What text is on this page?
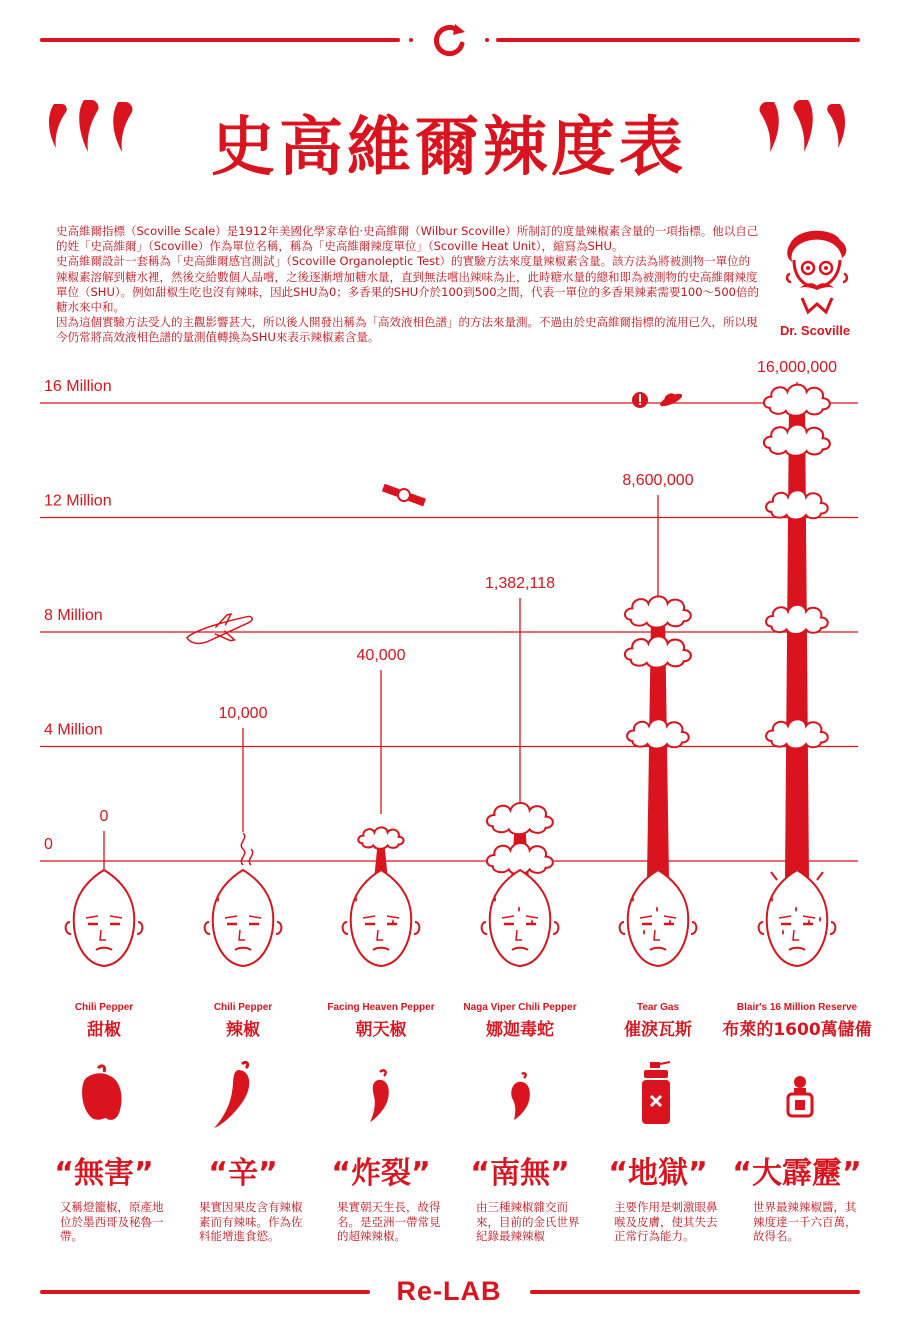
史高維爾辣度表

史高維爾指標（Scoville Scale）是1912年美國化學家韋伯·史高維爾（Wilbur Scoville）所制訂的度量辣椒素含量的一項指標。他以自己的姓「史高維爾」（Scoville）作為單位名稱，稱為「史高維爾辣度單位」（Scoville Heat Unit），縮寫為SHU。

史高維爾設計一套稱為「史高維爾感官測試」（Scoville Organoleptic Test）的實驗方法來度量辣椒素含量。該方法為將被測物一單位的辣椒素溶解到糖水裡，然後交給數個人品嚐，之後逐漸增加糖水量，直到無法嚐出辣味為止，此時糖水量的總和即為被測物的史高維爾辣度單位（SHU）。例如甜椒生吃也沒有辣味，因此SHU為0；多香果的SHU介於100到500之間，代表一單位的多香果辣素需要100～500倍的糖水來中和。

因為這個實驗方法受人的主觀影響甚大，所以後人開發出稱為「高效液相色譜」的方法來量測。不過由於史高維爾指標的流用已久，所以現今仍常將高效液相色譜的量測值轉換為SHU來表示辣椒素含量。	Dr. Scoville
0
4 Million
8 Million
12 Million
16 Million
0
10,000
40,000
1,382,118
8,600,000
16,000,000
Chili Pepper
甜椒
Chili Pepper
辣椒
Facing Heaven Pepper
朝天椒
Naga Viper Chili Pepper
娜迦毒蛇
Tear Gas
催淚瓦斯
Blair's 16 Million Reserve
布萊的1600萬儲備
“無害”	“辛”	“炸裂”	“南無”	“地獄” “大霹靂”
又稱燈籠椒，原產地位於墨西哥及秘魯一帶。
果實因果皮含有辣椒素而有辣味。作為佐料能增進食慾。
果實朝天生長，故得名。是亞洲一帶常見的超辣辣椒。
由三種辣椒雜交而來，目前的金氏世界紀錄最辣辣椒
主要作用是刺激眼鼻喉及皮膚，使其失去正常行為能力。
世界最辣辣椒醬，其辣度達一千六百萬，故得名。
Re-LAB
